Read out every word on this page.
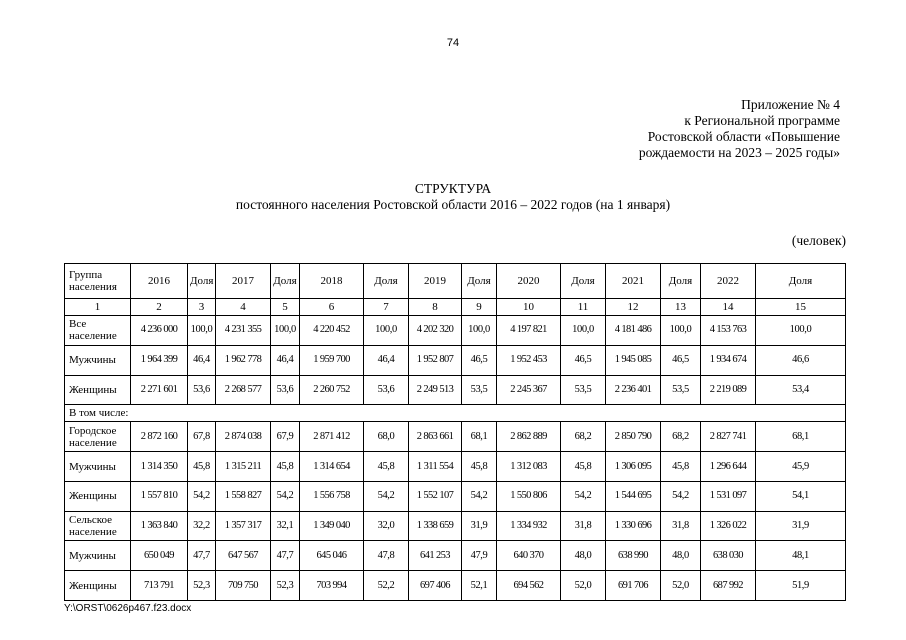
74
Приложение № 4
к Региональной программе
Ростовской области «Повышение
рождаемости на 2023 – 2025 годы»
СТРУКТУРА
постоянного населения Ростовской области 2016 – 2022 годов (на 1 января)
(человек)
Группа населения	2016	Доля	2017	Доля	2018	Доля	2019	Доля	2020	Доля	2021	Доля	2022	Доля
1	2	3	4	5	6	7	8	9	10	11	12	13	14	15
Все население	4 236 000	100,0	4 231 355	100,0	4 220 452	100,0	4 202 320	100,0	4 197 821	100,0	4 181 486	100,0	4 153 763	100,0
Мужчины	1 964 399	46,4	1 962 778	46,4	1 959 700	46,4	1 952 807	46,5	1 952 453	46,5	1 945 085	46,5	1 934 674	46,6
Женщины	2 271 601	53,6	2 268 577	53,6	2 260 752	53,6	2 249 513	53,5	2 245 367	53,5	2 236 401	53,5	2 219 089	53,4
В том числе:														
Городское население	2 872 160	67,8	2 874 038	67,9	2 871 412	68,0	2 863 661	68,1	2 862 889	68,2	2 850 790	68,2	2 827 741	68,1
Мужчины	1 314 350	45,8	1 315 211	45,8	1 314 654	45,8	1 311 554	45,8	1 312 083	45,8	1 306 095	45,8	1 296 644	45,9
Женщины	1 557 810	54,2	1 558 827	54,2	1 556 758	54,2	1 552 107	54,2	1 550 806	54,2	1 544 695	54,2	1 531 097	54,1
Сельское население	1 363 840	32,2	1 357 317	32,1	1 349 040	32,0	1 338 659	31,9	1 334 932	31,8	1 330 696	31,8	1 326 022	31,9
Мужчины	650 049	47,7	647 567	47,7	645 046	47,8	641 253	47,9	640 370	48,0	638 990	48,0	638 030	48,1
Женщины	713 791	52,3	709 750	52,3	703 994	52,2	697 406	52,1	694 562	52,0	691 706	52,0	687 992	51,9
Y:\ORST\0626p467.f23.docx
